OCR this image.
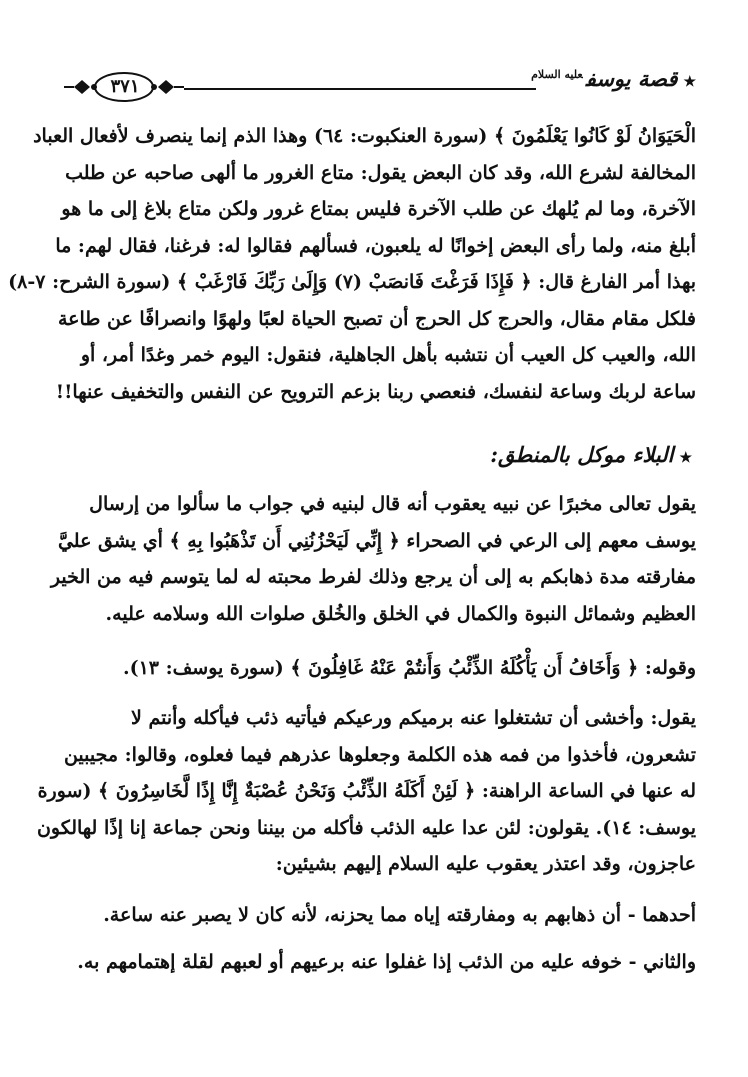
★قصة يوسف$^{عليه السلام}$
٣٧١
الْحَيَوَانُ لَوْ كَانُوا يَعْلَمُونَ ﴾ (سورة العنكبوت: ٦٤) وهذا الذم إنما ينصرف لأفعال العباد
المخالفة لشرع الله، وقد كان البعض يقول: متاع الغرور ما ألهى صاحبه عن طلب
الآخرة، وما لم يُلهك عن طلب الآخرة فليس بمتاع غرور ولكن متاع بلاغ إلى ما هو
أبلغ منه، ولما رأى البعض إخوانًا له يلعبون، فسألهم فقالوا له: فرغنا، فقال لهم: ما
بهذا أمر الفارغ قال: ﴿ فَإِذَا فَرَغْتَ فَانصَبْ (٧) وَإِلَىٰ رَبِّكَ فَارْغَبْ ﴾ (سورة الشرح: ٧-٨)
فلكل مقام مقال، والحرج كل الحرج أن تصبح الحياة لعبًا ولهوًا وانصرافًا عن طاعة
الله، والعيب كل العيب أن نتشبه بأهل الجاهلية، فنقول: اليوم خمر وغدًا أمر، أو
ساعة لربك وساعة لنفسك، فنعصي ربنا بزعم الترويح عن النفس والتخفيف عنها!!
★البلاء موكل بالمنطق:
يقول تعالى مخبرًا عن نبيه يعقوب أنه قال لبنيه في جواب ما سألوا من إرسال
يوسف معهم إلى الرعي في الصحراء ﴿ إِنِّي لَيَحْزُنُنِي أَن تَذْهَبُوا بِهِ ﴾ أي يشق عليَّ
مفارقته مدة ذهابكم به إلى أن يرجع وذلك لفرط محبته له لما يتوسم فيه من الخير
العظيم وشمائل النبوة والكمال في الخلق والخُلق صلوات الله وسلامه عليه.
وقوله: ﴿ وَأَخَافُ أَن يَأْكُلَهُ الذِّئْبُ وَأَنتُمْ عَنْهُ غَافِلُونَ ﴾ (سورة يوسف: ١٣).
يقول: وأخشى أن تشتغلوا عنه برميكم ورعيكم فيأتيه ذئب فيأكله وأنتم لا
تشعرون، فأخذوا من فمه هذه الكلمة وجعلوها عذرهم فيما فعلوه، وقالوا: مجيبين
له عنها في الساعة الراهنة: ﴿ لَئِنْ أَكَلَهُ الذِّئْبُ وَنَحْنُ عُصْبَةٌ إِنَّا إِذًا لَّخَاسِرُونَ ﴾ (سورة
يوسف: ١٤). يقولون: لئن عدا عليه الذئب فأكله من بيننا ونحن جماعة إنا إذًا لهالكون
عاجزون، وقد اعتذر يعقوب عليه السلام إليهم بشيئين:
أحدهما - أن ذهابهم به ومفارقته إياه مما يحزنه، لأنه كان لا يصبر عنه ساعة.
والثاني - خوفه عليه من الذئب إذا غفلوا عنه برعيهم أو لعبهم لقلة إهتمامهم به.
